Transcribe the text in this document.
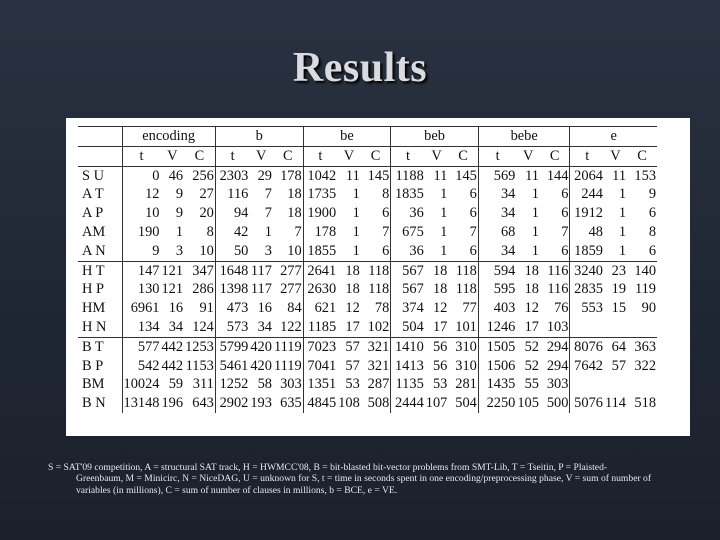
Results
	encoding			b			be			beb			bebe			e		
	t	V	C	t	V	C	t	V	C	t	V	C	t	V	C	t	V	C
S U	0	46	256	2303	29	178	1042	11	145	1188	11	145	569	11	144	2064	11	153
A T	12	9	27	116	7	18	1735	1	8	1835	1	6	34	1	6	244	1	9
A P	10	9	20	94	7	18	1900	1	6	36	1	6	34	1	6	1912	1	6
AM	190	1	8	42	1	7	178	1	7	675	1	7	68	1	7	48	1	8
A N	9	3	10	50	3	10	1855	1	6	36	1	6	34	1	6	1859	1	6
H T	147	121	347	1648	117	277	2641	18	118	567	18	118	594	18	116	3240	23	140
H P	130	121	286	1398	117	277	2630	18	118	567	18	118	595	18	116	2835	19	119
HM	6961	16	91	473	16	84	621	12	78	374	12	77	403	12	76	553	15	90
H N	134	34	124	573	34	122	1185	17	102	504	17	101	1246	17	103			
B T	577	442	1253	5799	420	1119	7023	57	321	1410	56	310	1505	52	294	8076	64	363
B P	542	442	1153	5461	420	1119	7041	57	321	1413	56	310	1506	52	294	7642	57	322
BM	10024	59	311	1252	58	303	1351	53	287	1135	53	281	1435	55	303			
B N	13148	196	643	2902	193	635	4845	108	508	2444	107	504	2250	105	500	5076	114	518
S = SAT'09 competition, A = structural SAT track, H = HWMCC'08, B = bit-blasted bit-vector problems from SMT-Lib, T = Tseitin, P = Plaisted-
Greenbaum, M = Minicirc, N = NiceDAG, U = unknown for S, t = time in seconds spent in one encoding/preprocessing phase, V = sum of number of
variables (in millions), C = sum of number of clauses in millions, b = BCE, e = VE.
